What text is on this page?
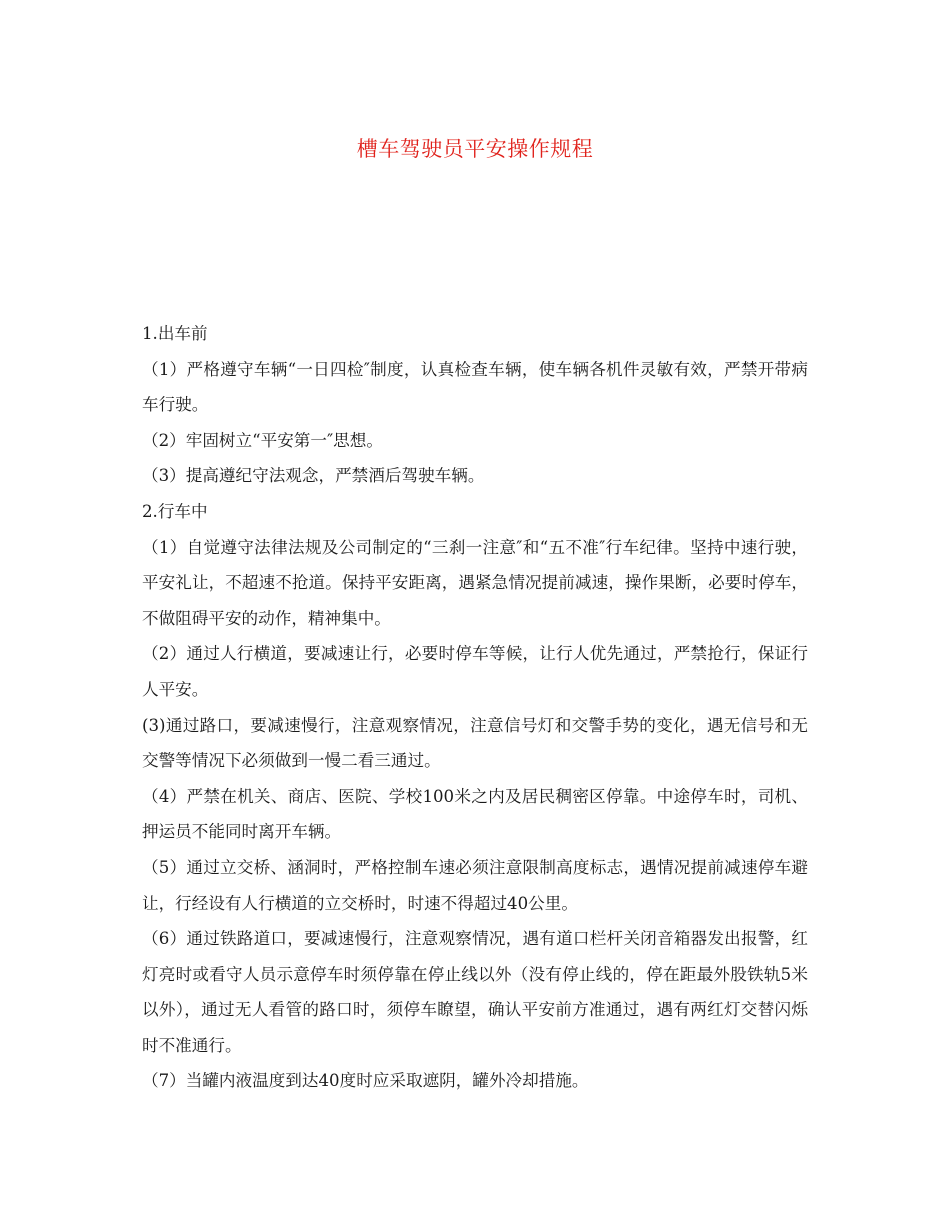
槽车驾驶员平安操作规程

1.出车前

（1）严格遵守车辆“一日四检″制度，认真检查车辆，使车辆各机件灵敏有效，严禁开带病车行驶。

（2）牢固树立“平安第一″思想。

（3）提高遵纪守法观念，严禁酒后驾驶车辆。

2.行车中

（1）自觉遵守法律法规及公司制定的“三刹一注意″和“五不准″行车纪律。坚持中速行驶，平安礼让，不超速不抢道。保持平安距离，遇紧急情况提前减速，操作果断，必要时停车，不做阻碍平安的动作，精神集中。

（2）通过人行横道，要减速让行，必要时停车等候，让行人优先通过，严禁抢行，保证行人平安。

(3)通过路口，要减速慢行，注意观察情况，注意信号灯和交警手势的变化，遇无信号和无交警等情况下必须做到一慢二看三通过。

（4）严禁在机关、商店、医院、学校100米之内及居民稠密区停靠。中途停车时，司机、押运员不能同时离开车辆。

（5）通过立交桥、涵洞时，严格控制车速必须注意限制高度标志，遇情况提前减速停车避让，行经设有人行横道的立交桥时，时速不得超过40公里。

（6）通过铁路道口，要减速慢行，注意观察情况，遇有道口栏杆关闭音箱器发出报警，红灯亮时或看守人员示意停车时须停靠在停止线以外（没有停止线的，停在距最外股铁轨5米以外），通过无人看管的路口时，须停车瞭望，确认平安前方准通过，遇有两红灯交替闪烁时不准通行。

（7）当罐内液温度到达40度时应采取遮阴，罐外冷却措施。
